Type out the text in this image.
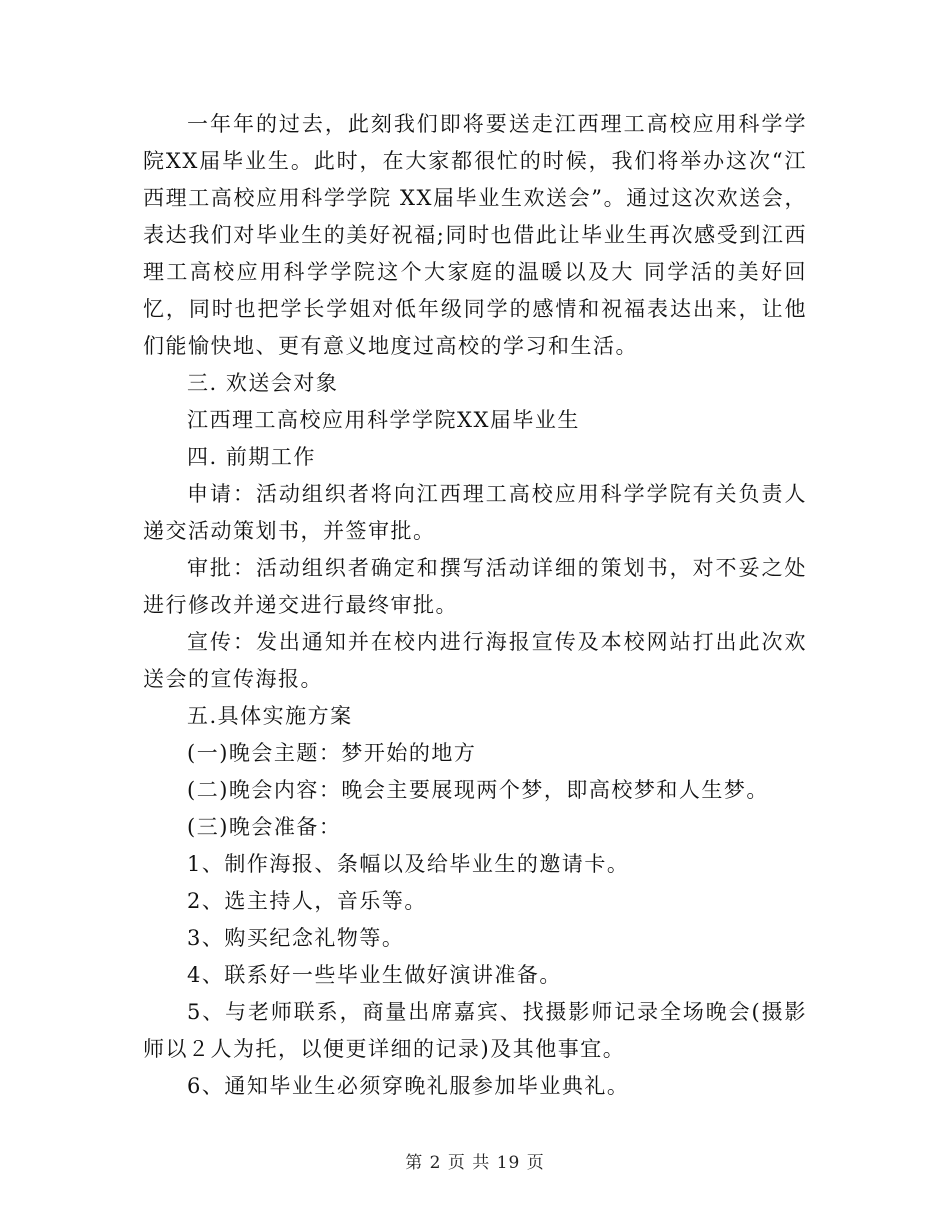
一年年的过去，此刻我们即将要送走江西理工高校应用科学学院XX届毕业生。此时，在大家都很忙的时候，我们将举办这次“江西理工高校应用科学学院 XX届毕业生欢送会”。通过这次欢送会，表达我们对毕业生的美好祝福;同时也借此让毕业生再次感受到江西理工高校应用科学学院这个大家庭的温暖以及大 同学活的美好回忆，同时也把学长学姐对低年级同学的感情和祝福表达出来，让他们能愉快地、更有意义地度过高校的学习和生活。

三. 欢送会对象

江西理工高校应用科学学院XX届毕业生

四. 前期工作

申请：活动组织者将向江西理工高校应用科学学院有关负责人递交活动策划书，并签审批。

审批：活动组织者确定和撰写活动详细的策划书，对不妥之处进行修改并递交进行最终审批。

宣传：发出通知并在校内进行海报宣传及本校网站打出此次欢送会的宣传海报。

五.具体实施方案

(一)晚会主题：梦开始的地方

(二)晚会内容：晚会主要展现两个梦，即高校梦和人生梦。

(三)晚会准备：

1、制作海报、条幅以及给毕业生的邀请卡。

2、选主持人，音乐等。

3、购买纪念礼物等。

4、联系好一些毕业生做好演讲准备。

5、与老师联系，商量出席嘉宾、找摄影师记录全场晚会(摄影师以２人为托，以便更详细的记录)及其他事宜。

6、通知毕业生必须穿晚礼服参加毕业典礼。

第 2 页 共 19 页
